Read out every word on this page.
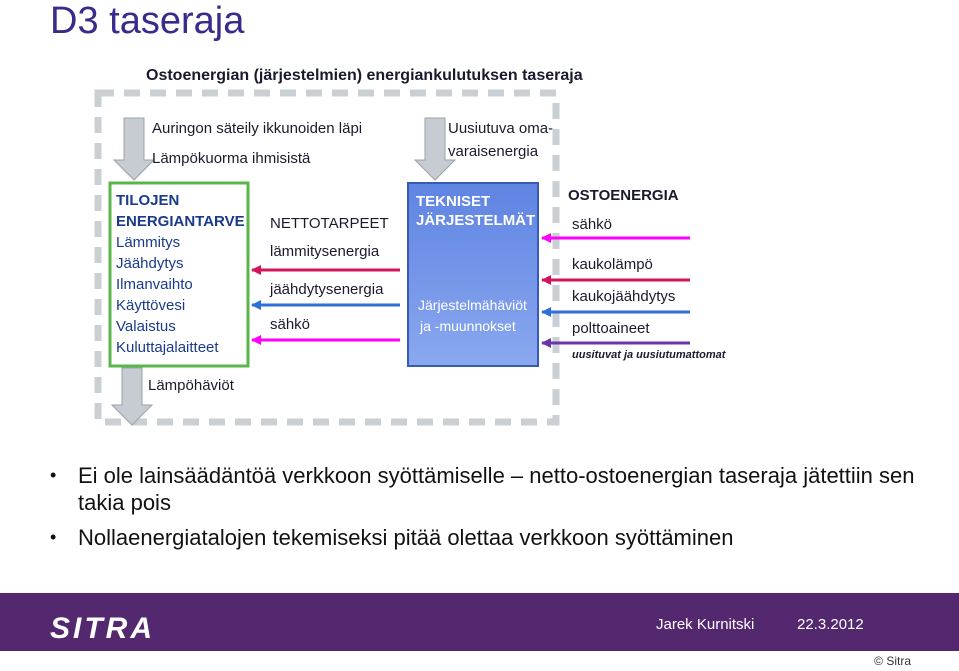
D3 taseraja
Ostoenergian (järjestelmien) energiankulutuksen taseraja
Auringon säteily ikkunoiden läpi
Lämpökuorma ihmisistä
Uusiutuva oma-
varaisenergia
TILOJEN
ENERGIANTARVE
Lämmitys
Jäähdytys
Ilmanvaihto
Käyttövesi
Valaistus
Kuluttajalaitteet
NETTOTARPEET
lämmitysenergia
jäähdytysenergia
sähkö
TEKNISET
JÄRJESTELMÄT
Järjestelmähäviöt
ja -muunnokset
OSTOENERGIA
sähkö
kaukolämpö
kaukojäähdytys
polttoaineet
uusituvat ja uusiutumattomat
Lämpöhäviöt
• Ei ole lainsäädäntöä verkkoon syöttämiselle – netto-ostoenergian taseraja jätettiin sen takia pois
• Nollaenergiatalojen tekemiseksi pitää olettaa verkkoon syöttäminen
SITRA	Jarek Kurnitski	22.3.2012
© Sitra
